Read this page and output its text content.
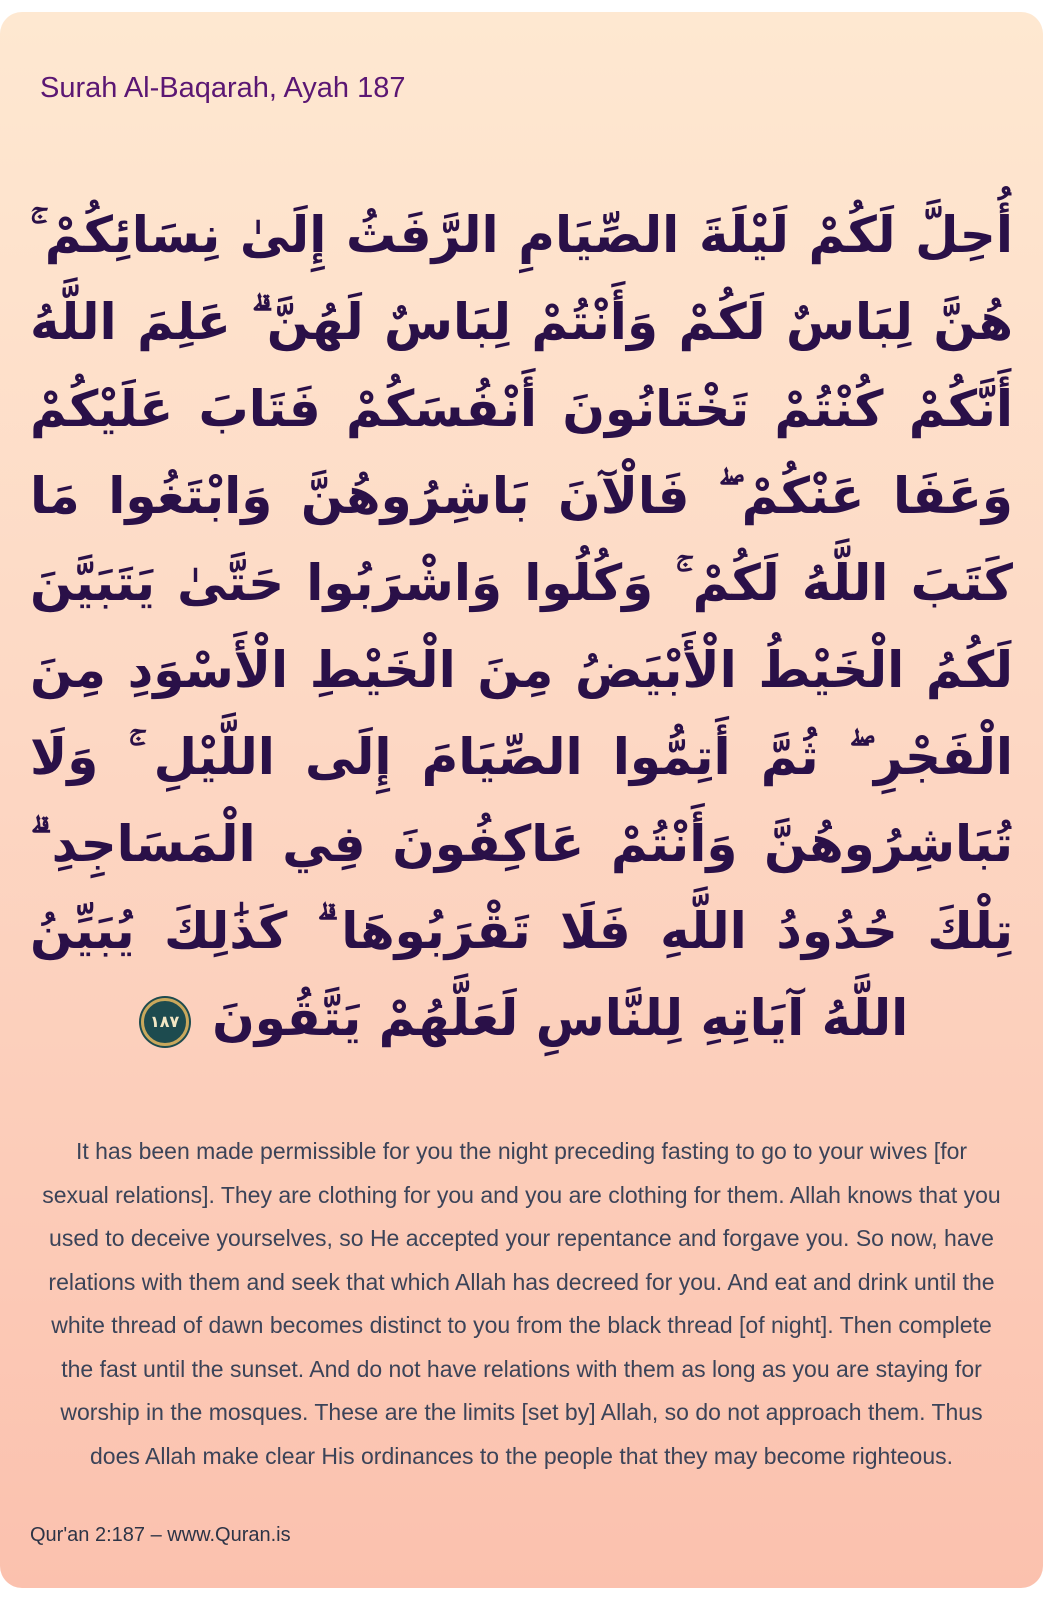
Surah Al-Baqarah, Ayah 187
أُحِلَّ لَكُمْ لَيْلَةَ الصِّيَامِ الرَّفَثُ إِلَىٰ نِسَائِكُمْ ۚ هُنَّ لِبَاسٌ لَكُمْ وَأَنْتُمْ لِبَاسٌ لَهُنَّ ۗ عَلِمَ اللَّهُ أَنَّكُمْ كُنْتُمْ تَخْتَانُونَ أَنْفُسَكُمْ فَتَابَ عَلَيْكُمْ وَعَفَا عَنْكُمْ ۖ فَالْآنَ بَاشِرُوهُنَّ وَابْتَغُوا مَا كَتَبَ اللَّهُ لَكُمْ ۚ وَكُلُوا وَاشْرَبُوا حَتَّىٰ يَتَبَيَّنَ لَكُمُ الْخَيْطُ الْأَبْيَضُ مِنَ الْخَيْطِ الْأَسْوَدِ مِنَ الْفَجْرِ ۖ ثُمَّ أَتِمُّوا الصِّيَامَ إِلَى اللَّيْلِ ۚ وَلَا تُبَاشِرُوهُنَّ وَأَنْتُمْ عَاكِفُونَ فِي الْمَسَاجِدِ ۗ تِلْكَ حُدُودُ اللَّهِ فَلَا تَقْرَبُوهَا ۗ كَذَٰلِكَ يُبَيِّنُ اللَّهُ آيَاتِهِ لِلنَّاسِ لَعَلَّهُمْ يَتَّقُونَ ١٨٧
It has been made permissible for you the night preceding fasting to go to your wives [for sexual relations]. They are clothing for you and you are clothing for them. Allah knows that you used to deceive yourselves, so He accepted your repentance and forgave you. So now, have relations with them and seek that which Allah has decreed for you. And eat and drink until the white thread of dawn becomes distinct to you from the black thread [of night]. Then complete the fast until the sunset. And do not have relations with them as long as you are staying for worship in the mosques. These are the limits [set by] Allah, so do not approach them. Thus does Allah make clear His ordinances to the people that they may become righteous.
Qur'an 2:187 – www.Quran.is
